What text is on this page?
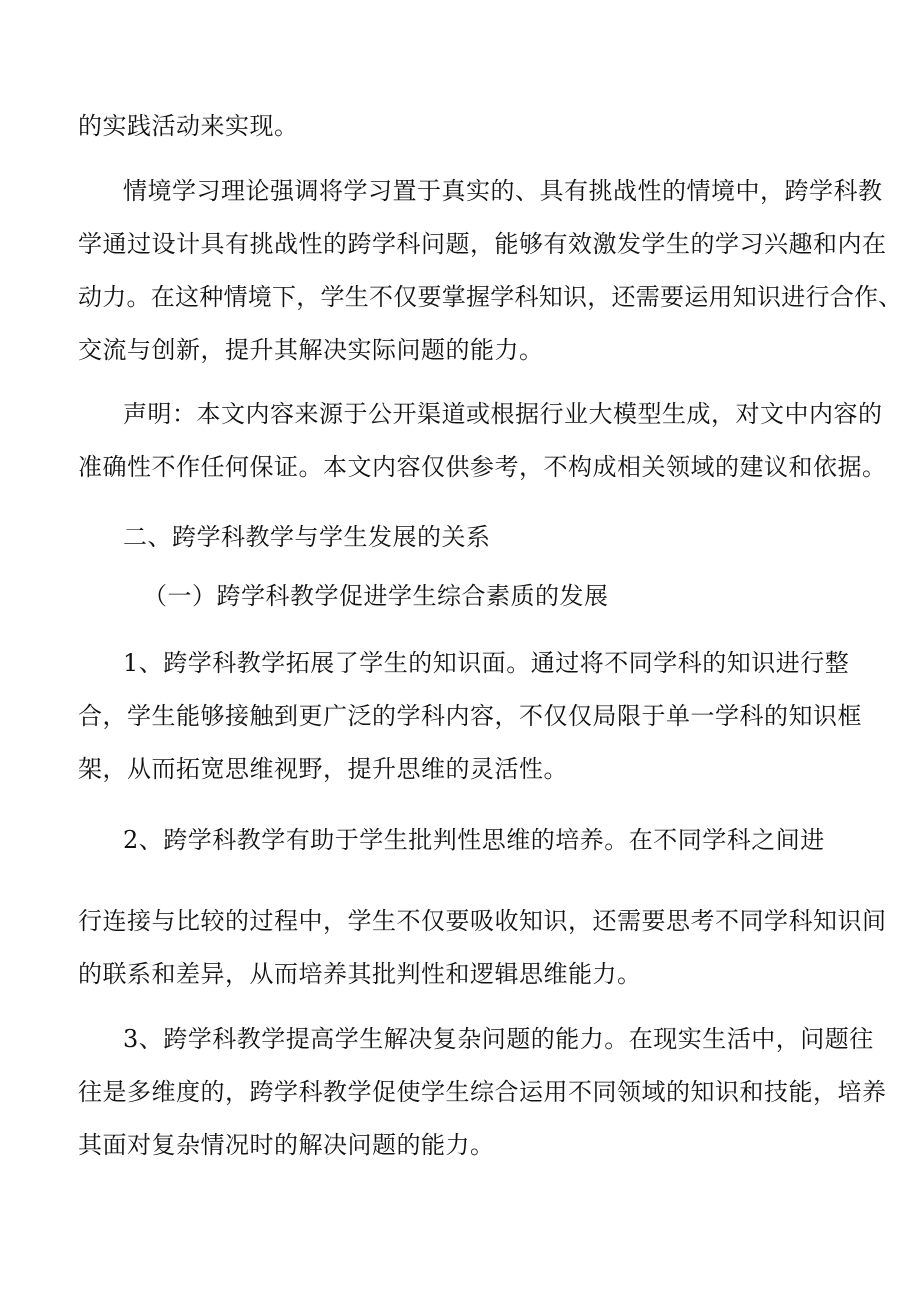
的实践活动来实现。
情境学习理论强调将学习置于真实的、具有挑战性的情境中，跨学科教
学通过设计具有挑战性的跨学科问题，能够有效激发学生的学习兴趣和内在
动力。在这种情境下，学生不仅要掌握学科知识，还需要运用知识进行合作、
交流与创新，提升其解决实际问题的能力。
声明：本文内容来源于公开渠道或根据行业大模型生成，对文中内容的
准确性不作任何保证。本文内容仅供参考，不构成相关领域的建议和依据。
二、跨学科教学与学生发展的关系
（一）跨学科教学促进学生综合素质的发展
1、跨学科教学拓展了学生的知识面。通过将不同学科的知识进行整
合，学生能够接触到更广泛的学科内容，不仅仅局限于单一学科的知识框
架，从而拓宽思维视野，提升思维的灵活性。
2、跨学科教学有助于学生批判性思维的培养。在不同学科之间进
行连接与比较的过程中，学生不仅要吸收知识，还需要思考不同学科知识间
的联系和差异，从而培养其批判性和逻辑思维能力。
3、跨学科教学提高学生解决复杂问题的能力。在现实生活中，问题往
往是多维度的，跨学科教学促使学生综合运用不同领域的知识和技能，培养
其面对复杂情况时的解决问题的能力。
